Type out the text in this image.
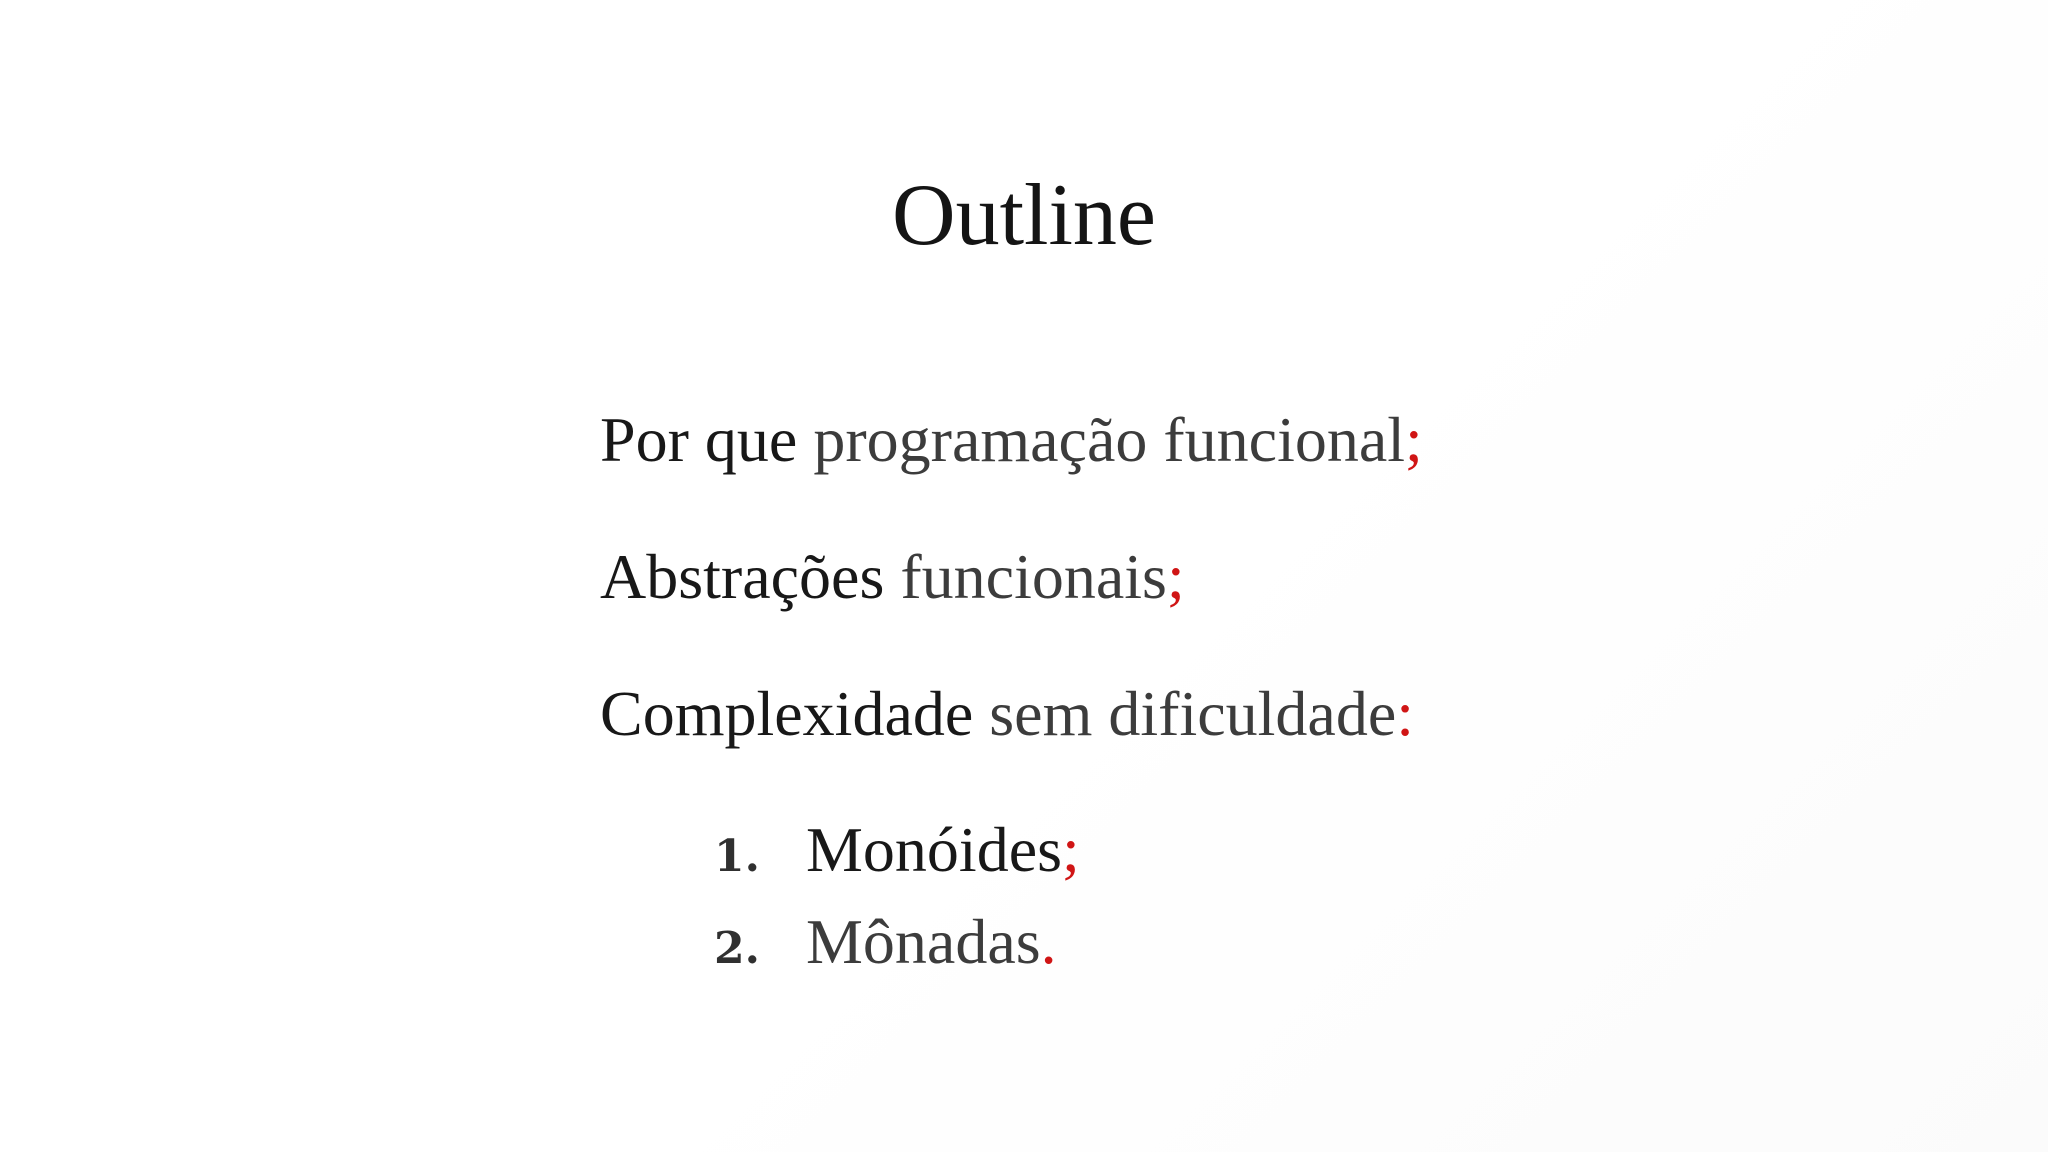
Outline
Por que programação funcional;
Abstrações funcionais;
Complexidade sem dificuldade:
1. Monóides;
2. Mônadas.
